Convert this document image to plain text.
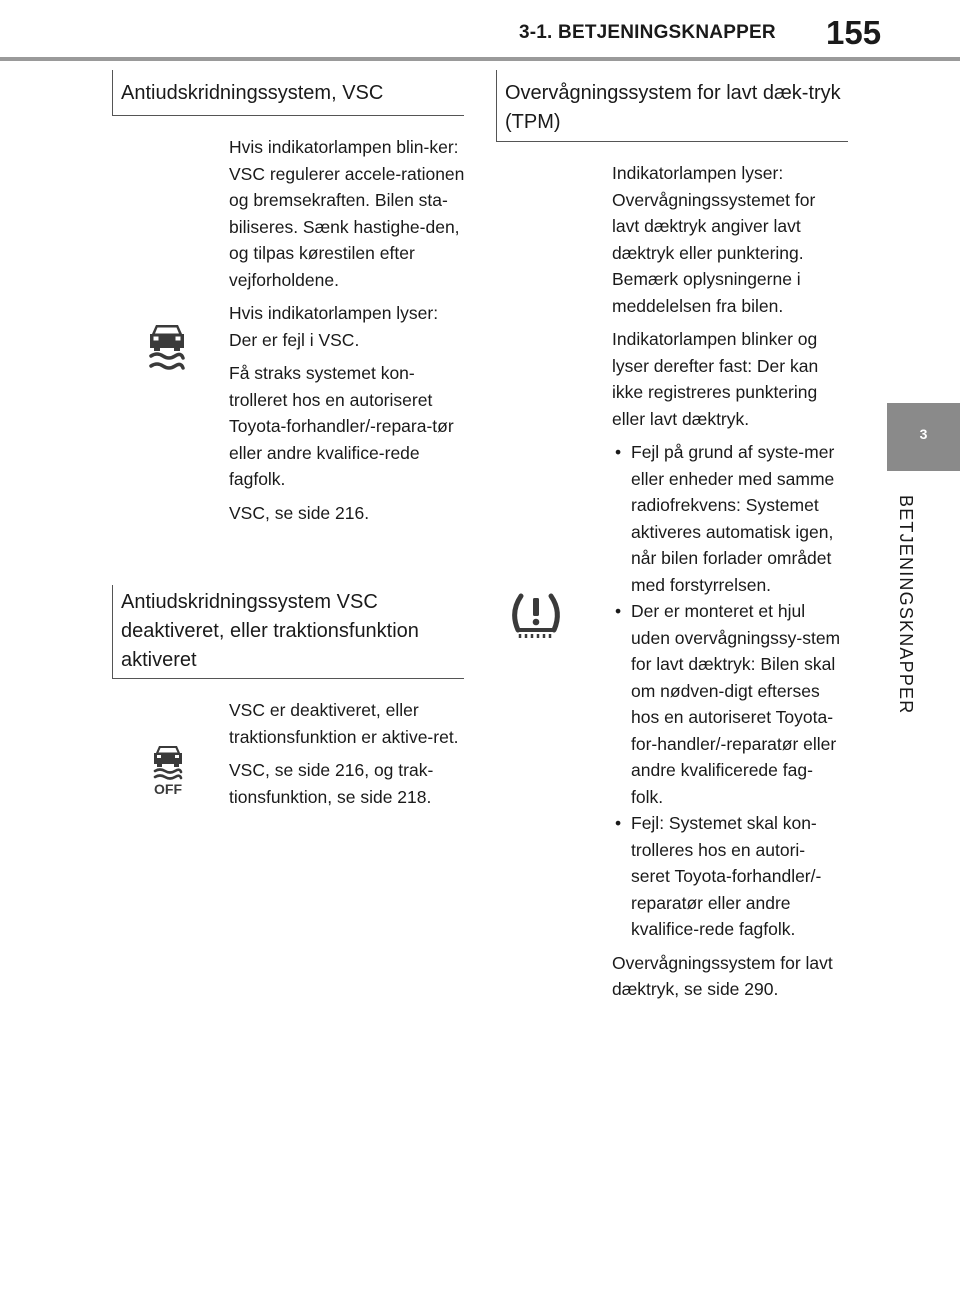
3-1. BETJENINGSKNAPPER 155
3
BETJENINGSKNAPPER
Antiudskridningssystem, VSC

Hvis indikatorlampen blin-ker: VSC regulerer accele-rationen og bremsekraften. Bilen sta-biliseres. Sænk hastighe-den, og tilpas kørestilen efter vejforholdene.

Hvis indikatorlampen lyser: Der er fejl i VSC.

Få straks systemet kon-trolleret hos en autoriseret Toyota-forhandler/-repara-tør eller andre kvalifice-rede fagfolk.

VSC, se side 216.

Antiudskridningssystem VSC deaktiveret, eller traktionsfunktion aktiveret
OFF

VSC er deaktiveret, eller traktionsfunktion er aktive-ret.

VSC, se side 216, og trak-tionsfunktion, se side 218.

Overvågningssystem for lavt dæk-tryk (TPM)

Indikatorlampen lyser: Overvågningssystemet for lavt dæktryk angiver lavt dæktryk eller punktering. Bemærk oplysningerne i meddelelsen fra bilen.

Indikatorlampen blinker og lyser derefter fast: Der kan ikke registreres punktering eller lavt dæktryk.

• Fejl på grund af syste-mer eller enheder med samme radiofrekvens: Systemet aktiveres automatisk igen, når bilen forlader området med forstyrrelsen.
• Der er monteret et hjul uden overvågningssy-stem for lavt dæktryk: Bilen skal om nødven-digt efterses hos en autoriseret Toyota-for-handler/-reparatør eller andre kvalificerede fag-folk.
• Fejl: Systemet skal kon-trolleres hos en autori-seret Toyota-forhandler/-reparatør eller andre kvalifice-rede fagfolk.

Overvågningssystem for lavt dæktryk, se side 290.
